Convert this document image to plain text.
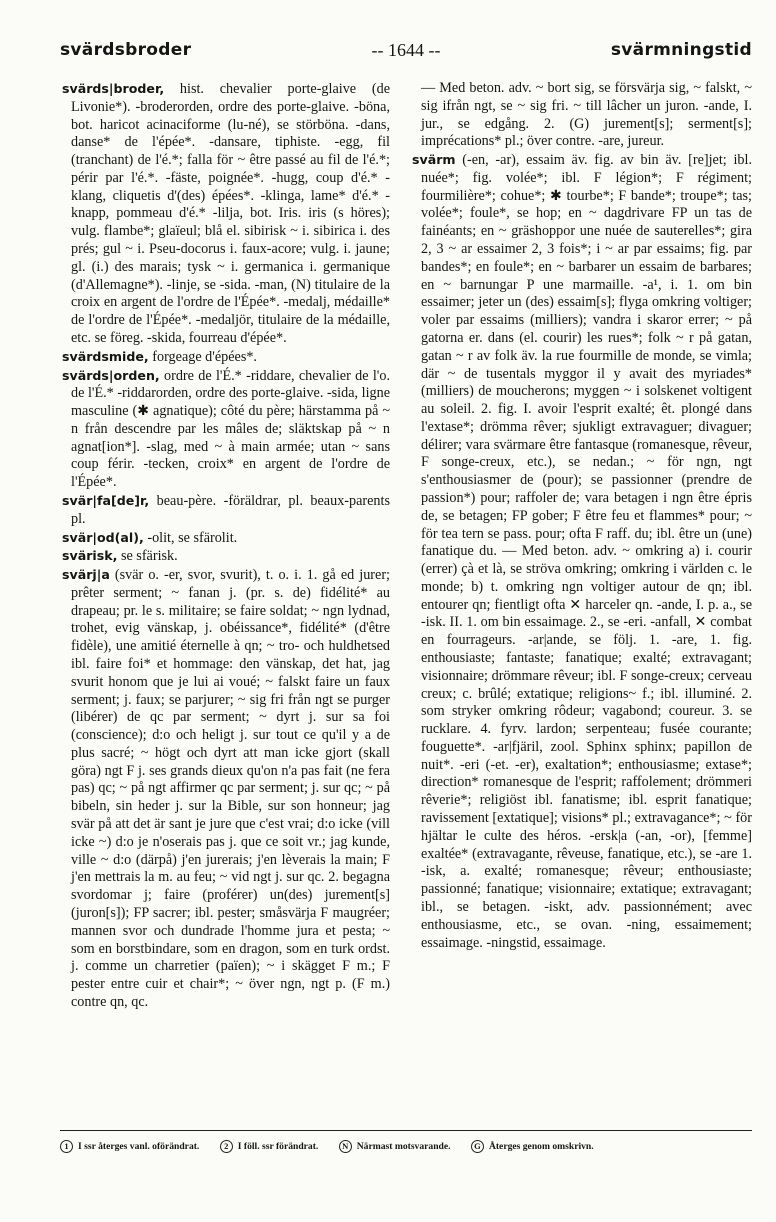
svärdsbroder	-- 1644 --	svärmningstid

svärds|broder, hist. chevalier porte-glaive (de Livonie*). -broderorden, ordre des porte-glaive. -böna, bot. haricot acinaciforme (lu-né), se störböna. -dans, danse* de l'épée*. -dansare, tiphiste. -egg, fil (tranchant) de l'é.*; falla för ~ être passé au fil de l'é.*; périr par l'é.*. -fäste, poignée*. -hugg, coup d'é.* -klang, cliquetis d'(des) épées*. -klinga, lame* d'é.* -knapp, pommeau d'é.* -lilja, bot. Iris. iris (s höres); vulg. flambe*; glaïeul; blå el. sibirisk ~ i. sibirica i. des prés; gul ~ i. Pseu-docorus i. faux-acore; vulg. i. jaune; gl. (i.) des marais; tysk ~ i. germanica i. germanique (d'Allemagne*). -linje, se -sida. -man, (N) titulaire de la croix en argent de l'ordre de l'Épée*. -medalj, médaille* de l'ordre de l'Épée*. -medaljör, titulaire de la médaille, etc. se föreg. -skida, fourreau d'épée*.

svärdsmide, forgeage d'épées*.

svärds|orden, ordre de l'É.* -riddare, chevalier de l'o. de l'É.* -riddarorden, ordre des porte-glaive. -sida, ligne masculine (✱ agnatique); côté du père; härstamma på ~ n från descendre par les mâles de; släktskap på ~ n agnat[ion*]. -slag, med ~ à main armée; utan ~ sans coup férir. -tecken, croix* en argent de l'ordre de l'Épée*.

svär|fa[de]r, beau-père. -föräldrar, pl. beaux-parents pl.

svär|od(al), -olit, se sfärolit.

svärisk, se sfärisk.

svärj|a (svär o. -er, svor, svurit), t. o. i. 1. gå ed jurer; prêter serment; ~ fanan j. (pr. s. de) fidélité* au drapeau; pr. le s. militaire; se faire soldat; ~ ngn lydnad, trohet, evig vänskap, j. obéissance*, fidélité* (d'être fidèle), une amitié éternelle à qn; ~ tro- och huldhetsed ibl. faire foi* et hommage: den vänskap, det hat, jag svurit honom que je lui ai voué; ~ falskt faire un faux serment; j. faux; se parjurer; ~ sig fri från ngt se purger (libérer) de qc par serment; ~ dyrt j. sur sa foi (conscience); d:o och heligt j. sur tout ce qu'il y a de plus sacré; ~ högt och dyrt att man icke gjort (skall göra) ngt F j. ses grands dieux qu'on n'a pas fait (ne fera pas) qc; ~ på ngt affirmer qc par serment; j. sur qc; ~ på bibeln, sin heder j. sur la Bible, sur son honneur; jag svär på att det är sant je jure que c'est vrai; d:o icke (vill icke ~) d:o je n'oserais pas j. que ce soit vr.; jag kunde, ville ~ d:o (därpå) j'en jurerais; j'en lèverais la main; F j'en mettrais la m. au feu; ~ vid ngt j. sur qc. 2. begagna svordomar j; faire (proférer) un(des) jurement[s] (juron[s]); FP sacrer; ibl. pester; småsvärja F maugréer; mannen svor och dundrade l'homme jura et pesta; ~ som en borstbindare, som en dragon, som en turk ordst. j. comme un charretier (païen); ~ i skägget F m.; F pester entre cuir et chair*; ~ över ngn, ngt p. (F m.) contre qn, qc.

— Med beton. adv. ~ bort sig, se försvärja sig, ~ falskt, ~ sig ifrån ngt, se ~ sig fri. ~ till lâcher un juron. -ande, I. jur., se edgång. 2. (G) jurement[s]; serment[s]; imprécations* pl.; över contre. -are, jureur.

svärm (-en, -ar), essaim äv. fig. av bin äv. [re]jet; ibl. nuée*; fig. volée*; ibl. F légion*; F régiment; fourmilière*; cohue*; ✱ tourbe*; F bande*; troupe*; tas; volée*; foule*, se hop; en ~ dagdrivare FP un tas de fainéants; en ~ gräshoppor une nuée de sauterelles*; gira 2, 3 ~ ar essaimer 2, 3 fois*; i ~ ar par essaims; fig. par bandes*; en foule*; en ~ barbarer un essaim de barbares; en ~ barnungar P une marmaille. -a¹, i. 1. om bin essaimer; jeter un (des) essaim[s]; flyga omkring voltiger; voler par essaims (milliers); vandra i skaror errer; ~ på gatorna er. dans (el. courir) les rues*; folk ~ r på gatan, gatan ~ r av folk äv. la rue fourmille de monde, se vimla; där ~ de tusentals myggor il y avait des myriades* (milliers) de moucherons; myggen ~ i solskenet voltigent au soleil. 2. fig. I. avoir l'esprit exalté; êt. plongé dans l'extase*; drömma rêver; sjukligt extravaguer; divaguer; délirer; vara svärmare être fantasque (romanesque, rêveur, F songe-creux, etc.), se nedan.; ~ för ngn, ngt s'enthousiasmer de (pour); se passionner (prendre de passion*) pour; raffoler de; vara betagen i ngn être épris de, se betagen; FP gober; F être feu et flammes* pour; ~ för tea tern se pass. pour; ofta F raff. du; ibl. être un (une) fanatique du. — Med beton. adv. ~ omkring a) i. courir (errer) çà et là, se ströva omkring; omkring i världen c. le monde; b) t. omkring ngn voltiger autour de qn; ibl. entourer qn; fientligt ofta ✕ harceler qn. -ande, I. p. a., se -isk. II. 1. om bin essaimage. 2., se -eri. -anfall, ✕ combat en fourrageurs. -ar|ande, se följ. 1. -are, 1. fig. enthousiaste; fantaste; fanatique; exalté; extravagant; visionnaire; drömmare rêveur; ibl. F songe-creux; cerveau creux; c. brûlé; extatique; religions~ f.; ibl. illuminé. 2. som stryker omkring rôdeur; vagabond; coureur. 3. se rucklare. 4. fyrv. lardon; serpenteau; fusée courante; fouguette*. -ar|fjäril, zool. Sphinx sphinx; papillon de nuit*. -eri (-et. -er), exaltation*; enthousiasme; extase*; direction* romanesque de l'esprit; raffolement; drömmeri rêverie*; religiöst ibl. fanatisme; ibl. esprit fanatique; ravissement [extatique]; visions* pl.; extravagance*; ~ för hjältar le culte des héros. -ersk|a (-an, -or), [femme] exaltée* (extravagante, rêveuse, fanatique, etc.), se -are 1. -isk, a. exalté; romanesque; rêveur; enthousiaste; passionné; fanatique; visionnaire; extatique; extravagant; ibl., se betagen. -iskt, adv. passionnément; avec enthousiasme, etc., se ovan. -ning, essaimement; essaimage. -ningstid, essaimage.

1 I ssr återges vanl. oförändrat.	2 I föll. ssr förändrat.	N Närmast motsvarande.	G Återges genom omskrivn.
